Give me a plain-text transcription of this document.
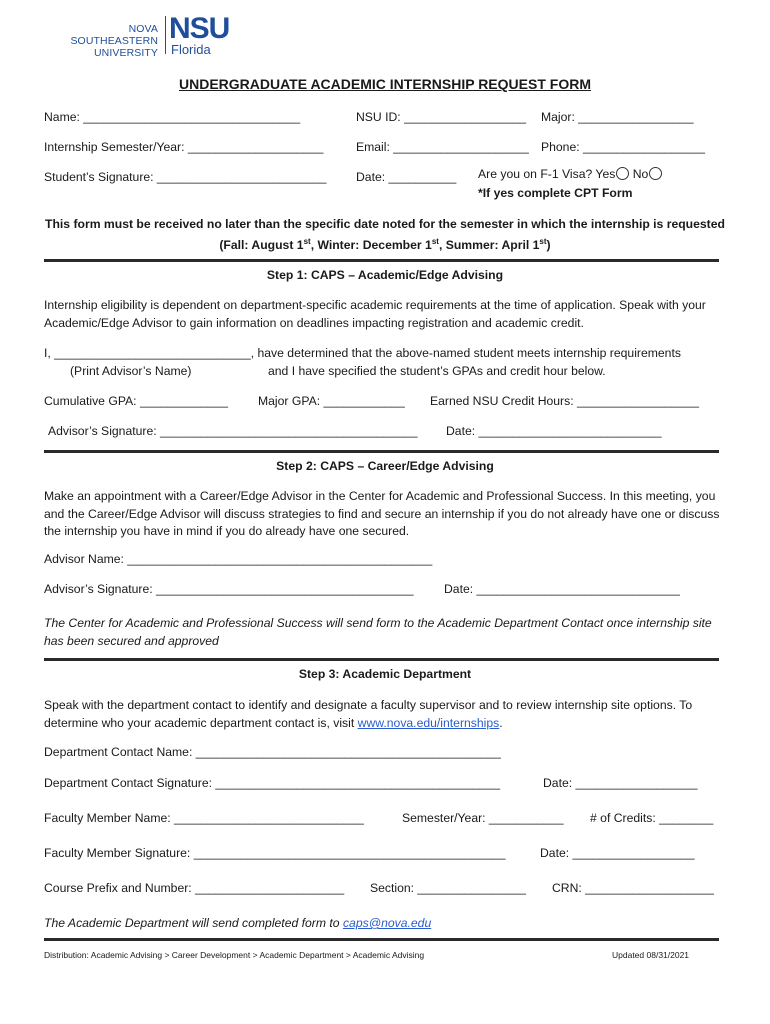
NOVA SOUTHEASTERN
UNIVERSITY
NSU
Florida
UNDERGRADUATE ACADEMIC INTERNSHIP REQUEST FORM
Name: ________________________________	NSU ID: __________________ Major: _________________
Internship Semester/Year: ____________________	Email: ____________________ Phone: __________________
Student’s Signature: _________________________ Date: __________ Are you on F-1 Visa? Yes No
*If yes complete CPT Form
This form must be received no later than the specific date noted for the semester in which the internship is requested
(Fall: August 1st, Winter: December 1st, Summer: April 1st)
Step 1: CAPS – Academic/Edge Advising
Internship eligibility is dependent on department-specific academic requirements at the time of application. Speak with your Academic/Edge Advisor to gain information on deadlines impacting registration and academic credit.
I, _____________________________, have determined that the above-named student meets internship requirements
(Print Advisor’s Name)	and I have specified the student’s GPAs and credit hour below.
Cumulative GPA: _____________ Major GPA: ____________ Earned NSU Credit Hours: __________________
Advisor’s Signature: ______________________________________ Date: ___________________________
Step 2: CAPS – Career/Edge Advising
Make an appointment with a Career/Edge Advisor in the Center for Academic and Professional Success. In this meeting, you and the Career/Edge Advisor will discuss strategies to find and secure an internship if you do not already have one or discuss the internship you have in mind if you do already have one secured.
Advisor Name: _____________________________________________
Advisor’s Signature: ______________________________________ Date: ______________________________
The Center for Academic and Professional Success will send form to the Academic Department Contact once internship site has been secured and approved
Step 3: Academic Department
Speak with the department contact to identify and designate a faculty supervisor and to review internship site options. To determine who your academic department contact is, visit www.nova.edu/internships.
Department Contact Name: _____________________________________________
Department Contact Signature: __________________________________________	Date: __________________
Faculty Member Name: ____________________________	Semester/Year: ___________ # of Credits: ________
Faculty Member Signature: ______________________________________________	Date: __________________
Course Prefix and Number: ______________________ Section: ________________ CRN: ___________________
The Academic Department will send completed form to caps@nova.edu
Distribution: Academic Advising > Career Development > Academic Department > Academic Advising	Updated 08/31/2021
